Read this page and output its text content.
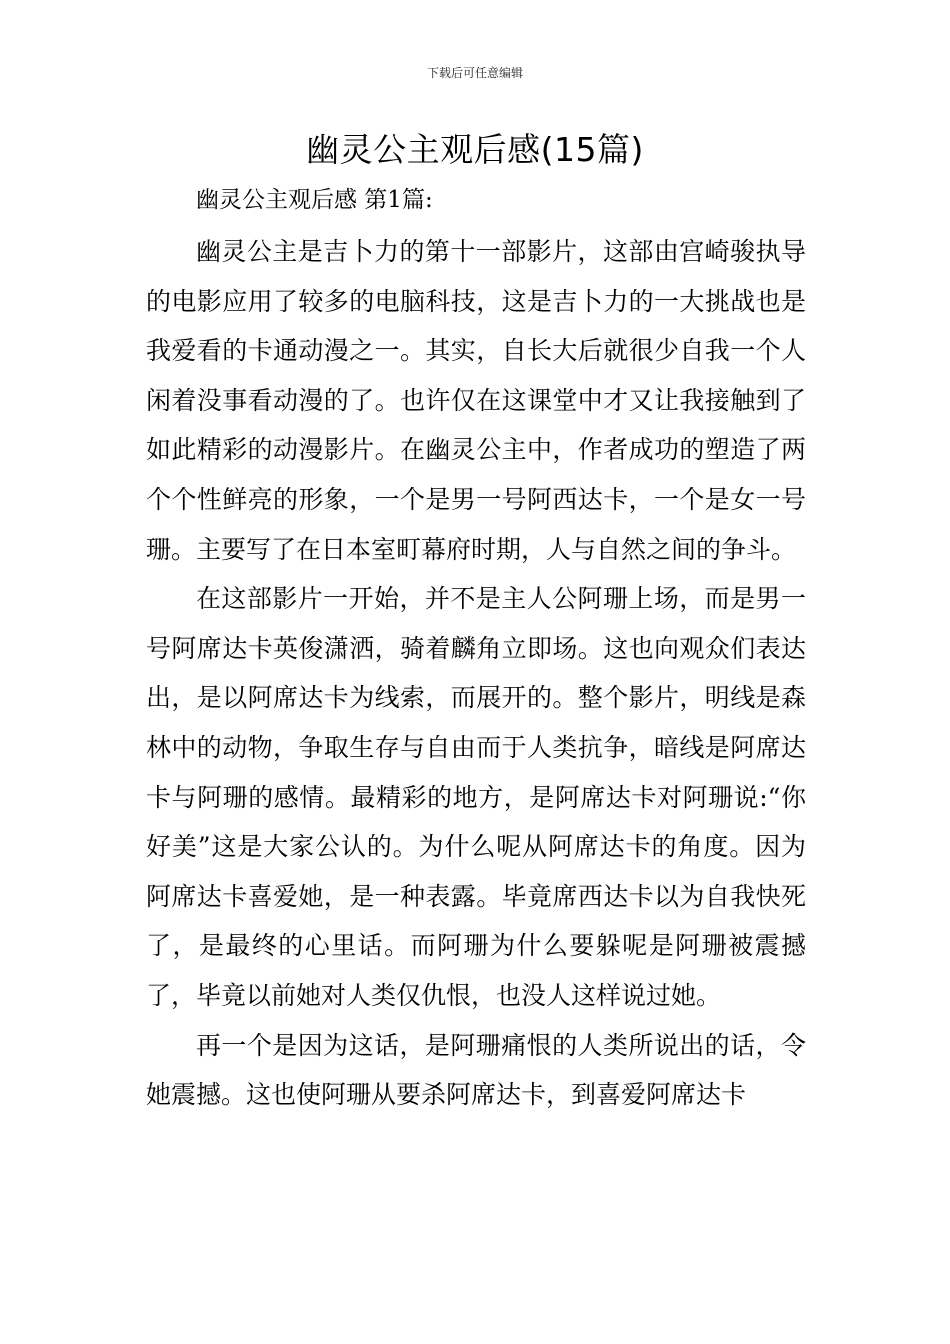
下载后可任意编辑
幽灵公主观后感(15篇)
幽灵公主观后感 第1篇:

幽灵公主是吉卜力的第十一部影片，这部由宫崎骏执导的电影应用了较多的电脑科技，这是吉卜力的一大挑战也是我爱看的卡通动漫之一。其实，自长大后就很少自我一个人闲着没事看动漫的了。也许仅在这课堂中才又让我接触到了如此精彩的动漫影片。在幽灵公主中，作者成功的塑造了两个个性鲜亮的形象，一个是男一号阿西达卡，一个是女一号珊。主要写了在日本室町幕府时期，人与自然之间的争斗。

在这部影片一开始，并不是主人公阿珊上场，而是男一号阿席达卡英俊潇洒，骑着麟角立即场。这也向观众们表达出，是以阿席达卡为线索，而展开的。整个影片，明线是森林中的动物，争取生存与自由而于人类抗争，暗线是阿席达卡与阿珊的感情。最精彩的地方，是阿席达卡对阿珊说:“你好美”这是大家公认的。为什么呢从阿席达卡的角度。因为阿席达卡喜爱她，是一种表露。毕竟席西达卡以为自我快死了，是最终的心里话。而阿珊为什么要躲呢是阿珊被震撼了，毕竟以前她对人类仅仇恨，也没人这样说过她。

再一个是因为这话，是阿珊痛恨的人类所说出的话，令她震撼。这也使阿珊从要杀阿席达卡，到喜爱阿席达卡
